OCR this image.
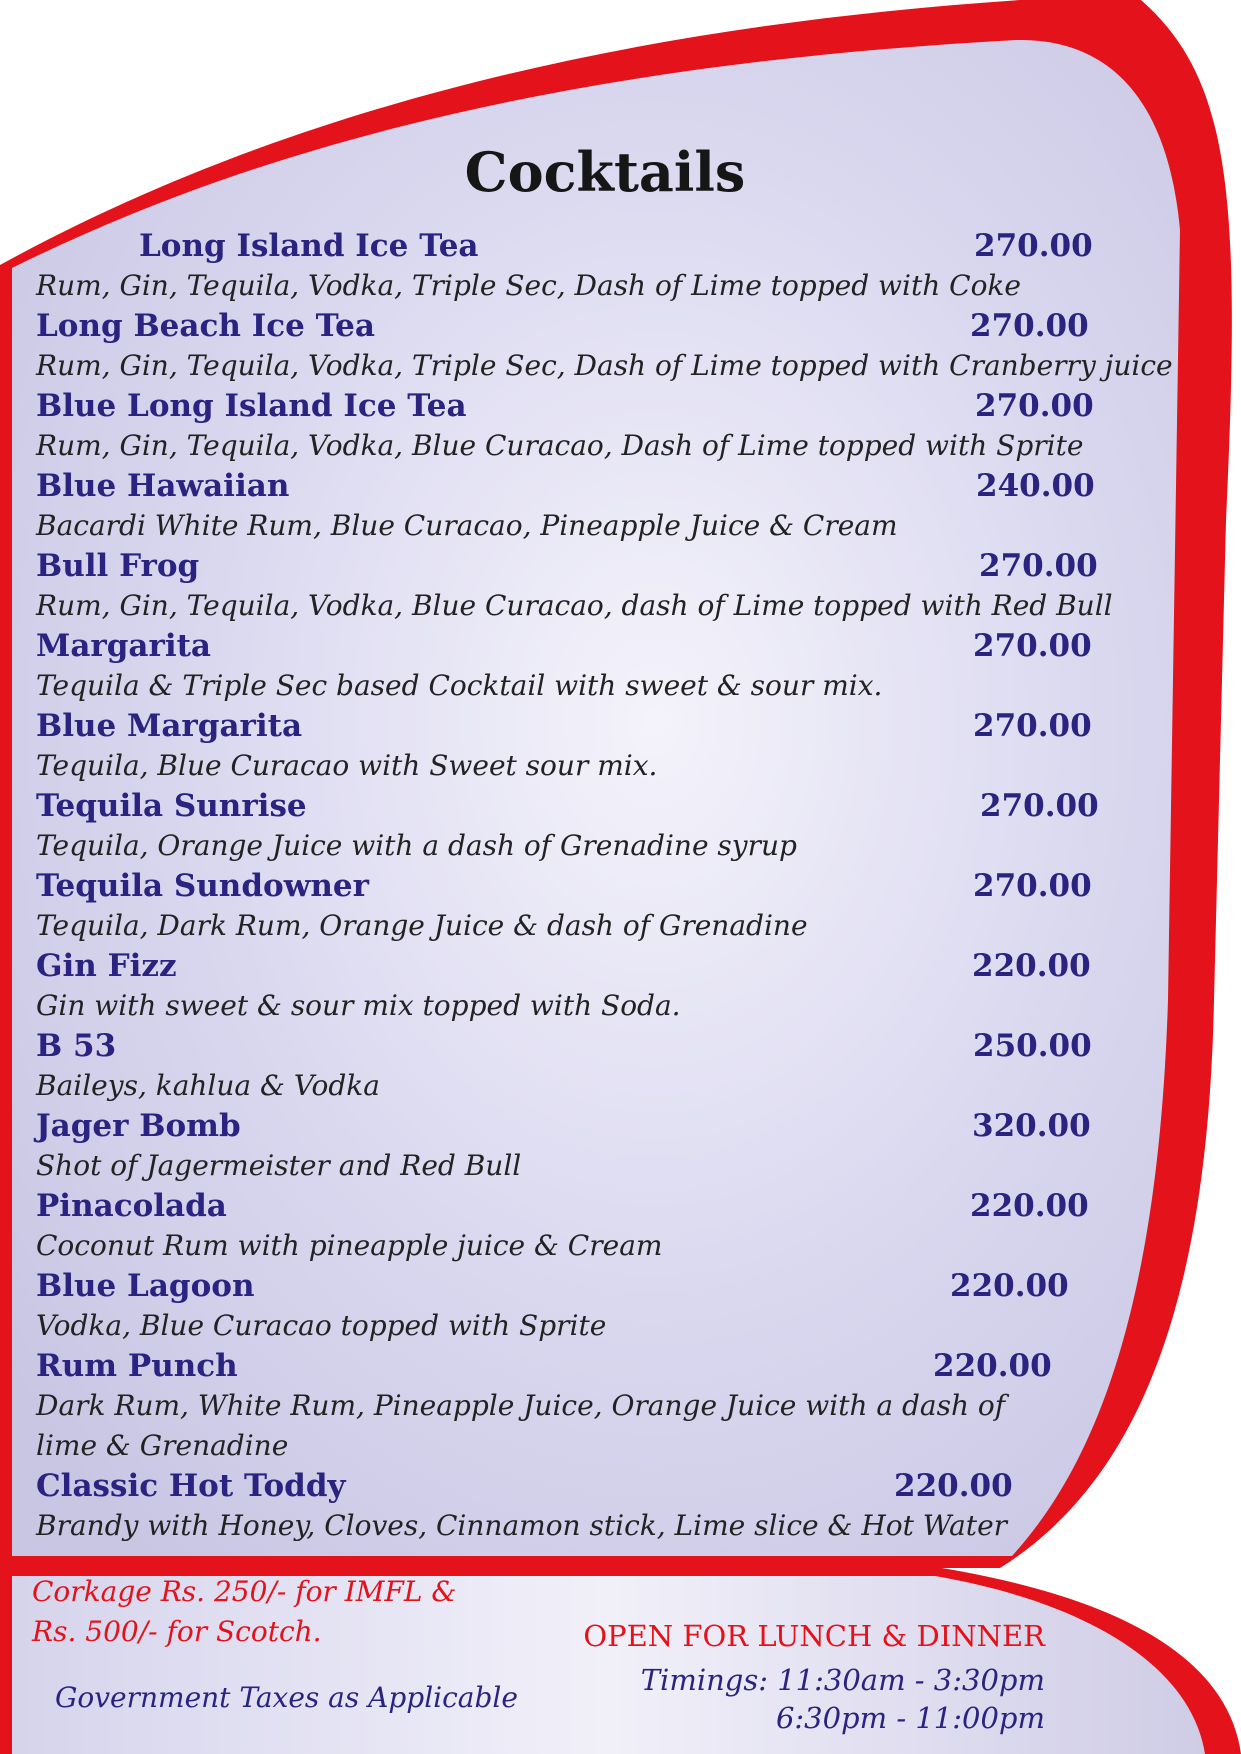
Cocktails
Long Island Ice Tea	270.00
Rum, Gin, Tequila, Vodka, Triple Sec, Dash of Lime topped with Coke
Long Beach Ice Tea	270.00
Rum, Gin, Tequila, Vodka, Triple Sec, Dash of Lime topped with Cranberry juice
Blue Long Island Ice Tea	270.00
Rum, Gin, Tequila, Vodka, Blue Curacao, Dash of Lime topped with Sprite
Blue Hawaiian	240.00
Bacardi White Rum, Blue Curacao, Pineapple Juice & Cream
Bull Frog	270.00
Rum, Gin, Tequila, Vodka, Blue Curacao, dash of Lime topped with Red Bull
Margarita	270.00
Tequila & Triple Sec based Cocktail with sweet & sour mix.
Blue Margarita	270.00
Tequila, Blue Curacao with Sweet sour mix.
Tequila Sunrise	270.00
Tequila, Orange Juice with a dash of Grenadine syrup
Tequila Sundowner	270.00
Tequila, Dark Rum, Orange Juice & dash of Grenadine
Gin Fizz	220.00
Gin with sweet & sour mix topped with Soda.
B 53	250.00
Baileys, kahlua & Vodka
Jager Bomb	320.00
Shot of Jagermeister and Red Bull
Pinacolada	220.00
Coconut Rum with pineapple juice & Cream
Blue Lagoon	220.00
Vodka, Blue Curacao topped with Sprite
Rum Punch	220.00
Dark Rum, White Rum, Pineapple Juice, Orange Juice with a dash of lime & Grenadine
Classic Hot Toddy	220.00
Brandy with Honey, Cloves, Cinnamon stick, Lime slice & Hot Water
Corkage Rs. 250/- for IMFL &
Rs. 500/- for Scotch.
Government Taxes as Applicable
OPEN FOR LUNCH & DINNER
Timings: 11:30am - 3:30pm
6:30pm - 11:00pm
